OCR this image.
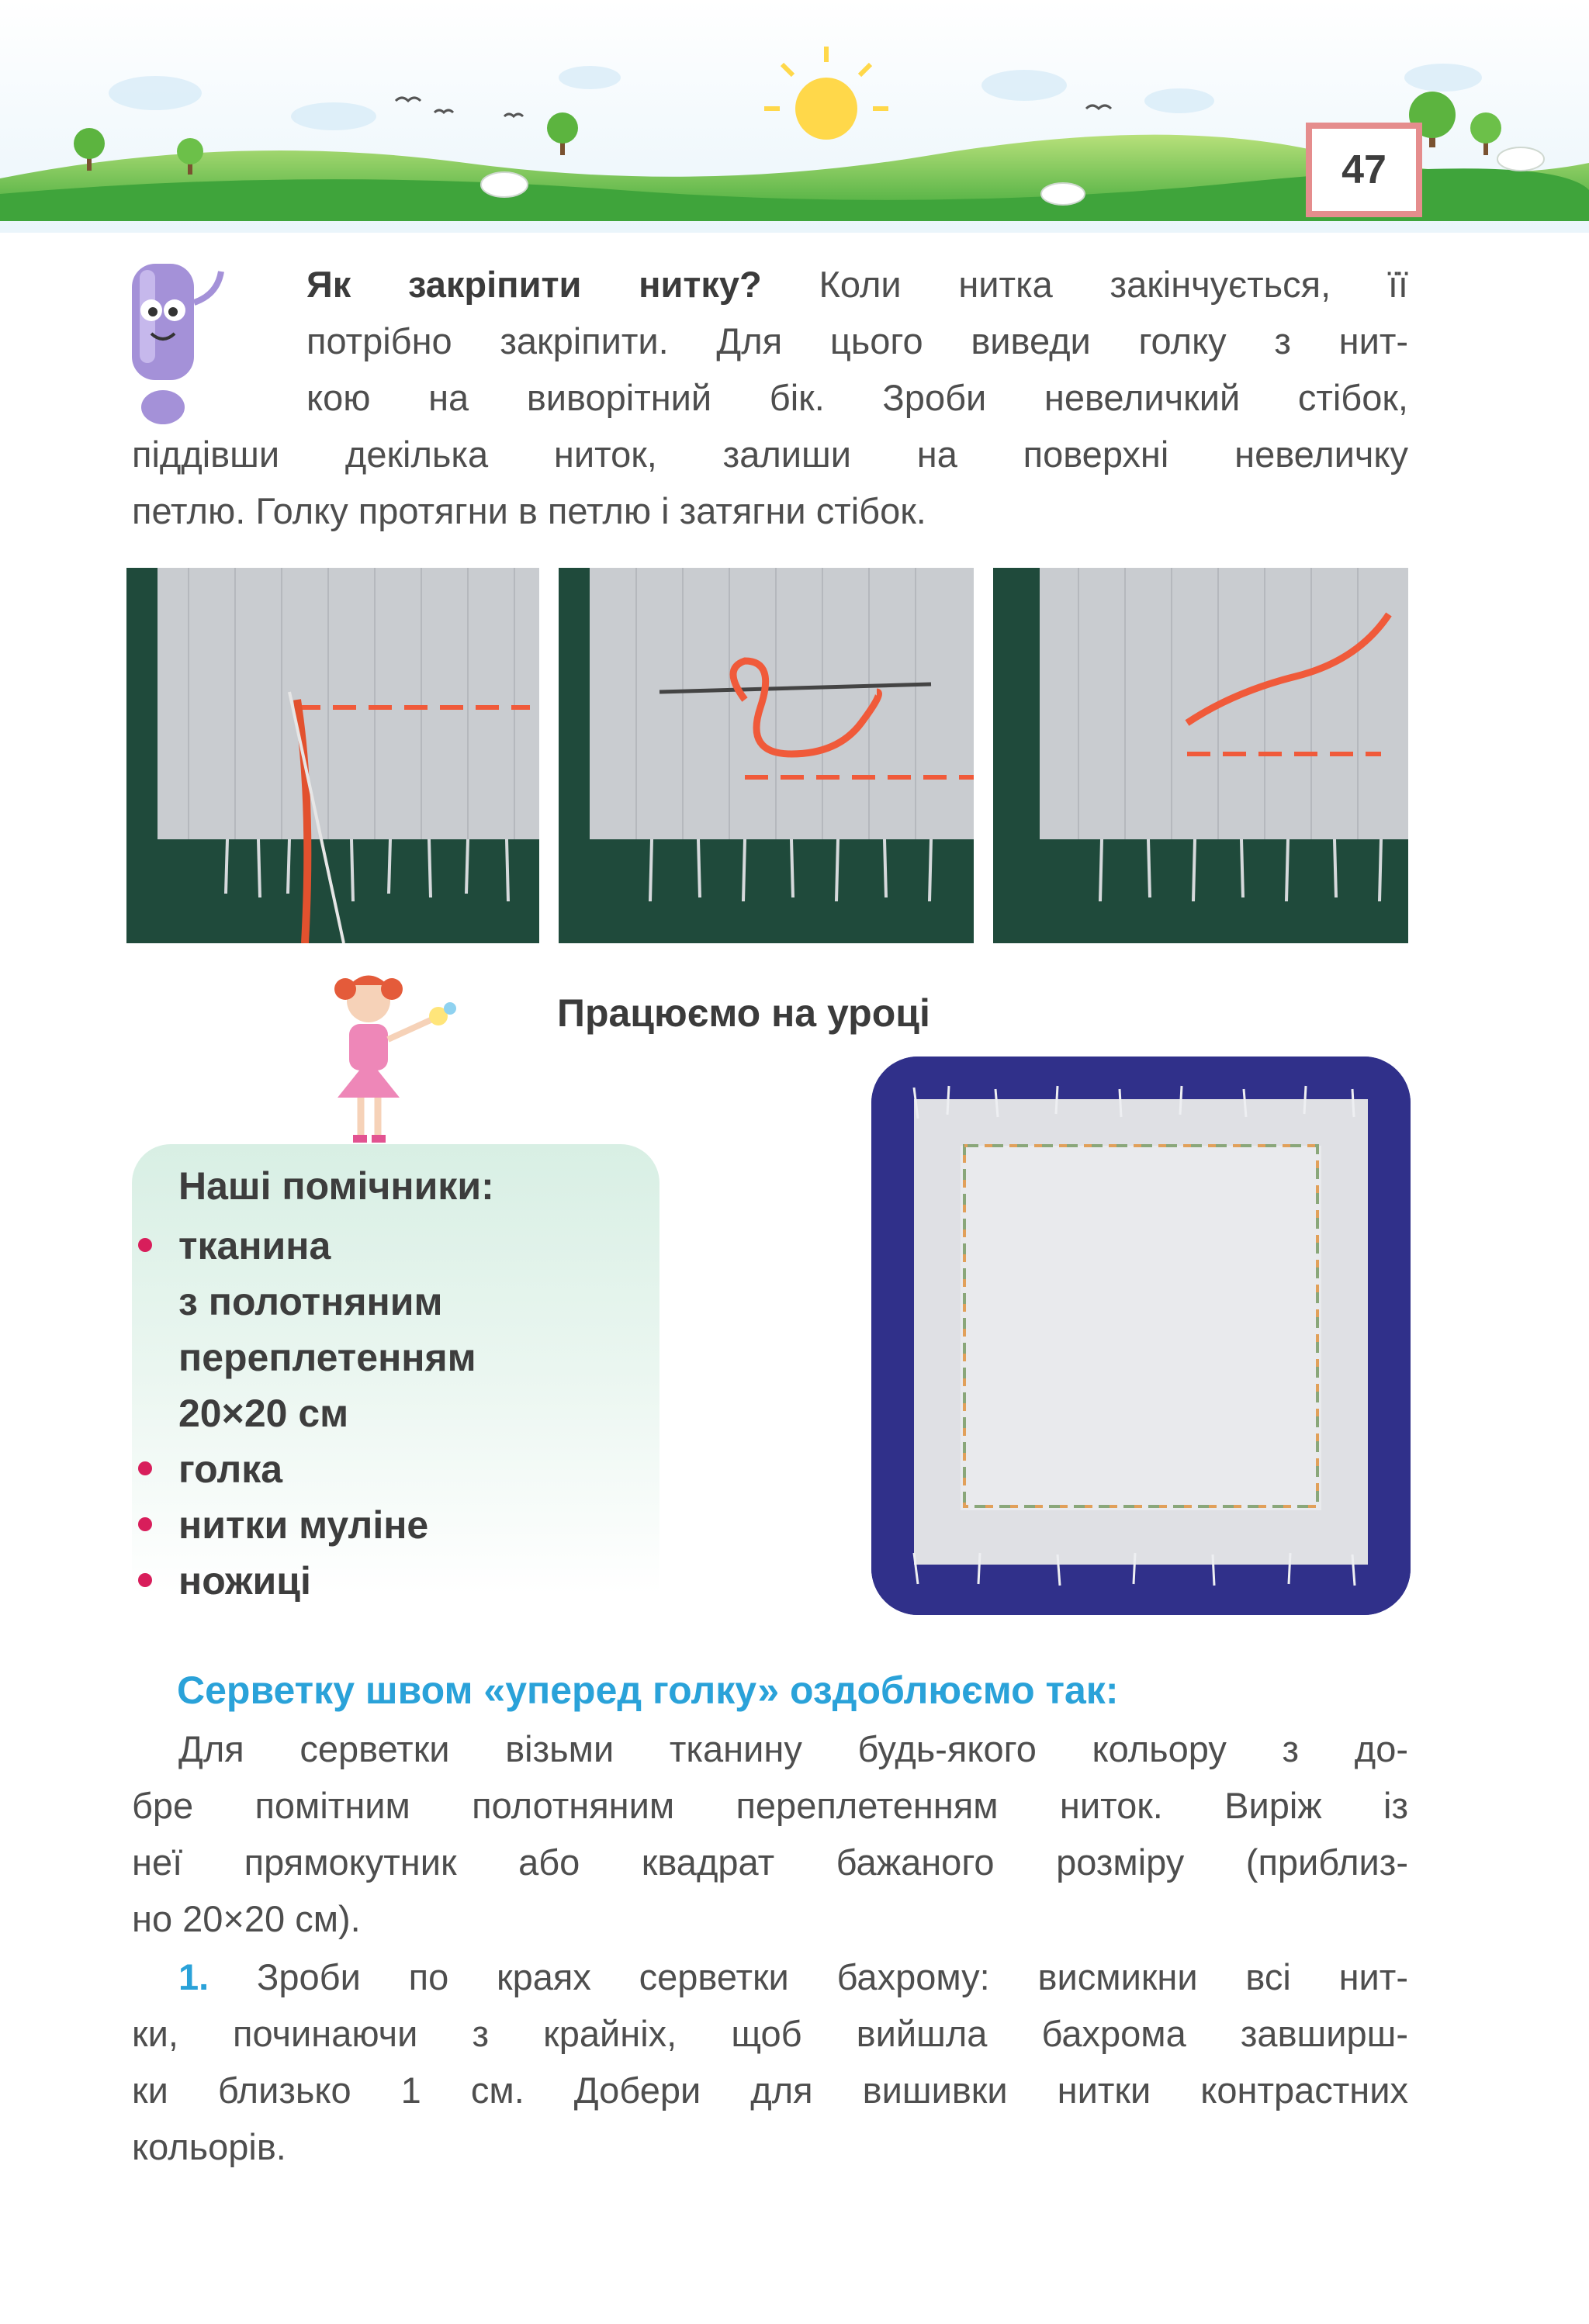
47
Як закріпити нитку? Коли нитка закінчується, її
потрібно закріпити. Для цього виведи голку з нит-
кою на виворітний бік. Зроби невеличкий стібок,
піддівши декілька ниток, залиши на поверхні невеличку
петлю. Голку протягни в петлю і затягни стібок.
Працюємо на уроці
Наші помічники:
тканина
з полотняним
переплетенням
20×20 см
голка
нитки муліне
ножиці
Серветку швом «уперед голку» оздоблюємо так:
Для серветки візьми тканину будь-якого кольору з до-
бре помітним полотняним переплетенням ниток. Виріж із
неї прямокутник або квадрат бажаного розміру (приблиз-
но 20×20 см).
1. Зроби по краях серветки бахрому: висмикни всі нит-
ки, починаючи з крайніх, щоб вийшла бахрома завширш-
ки близько 1 см. Добери для вишивки нитки контрастних
кольорів.
